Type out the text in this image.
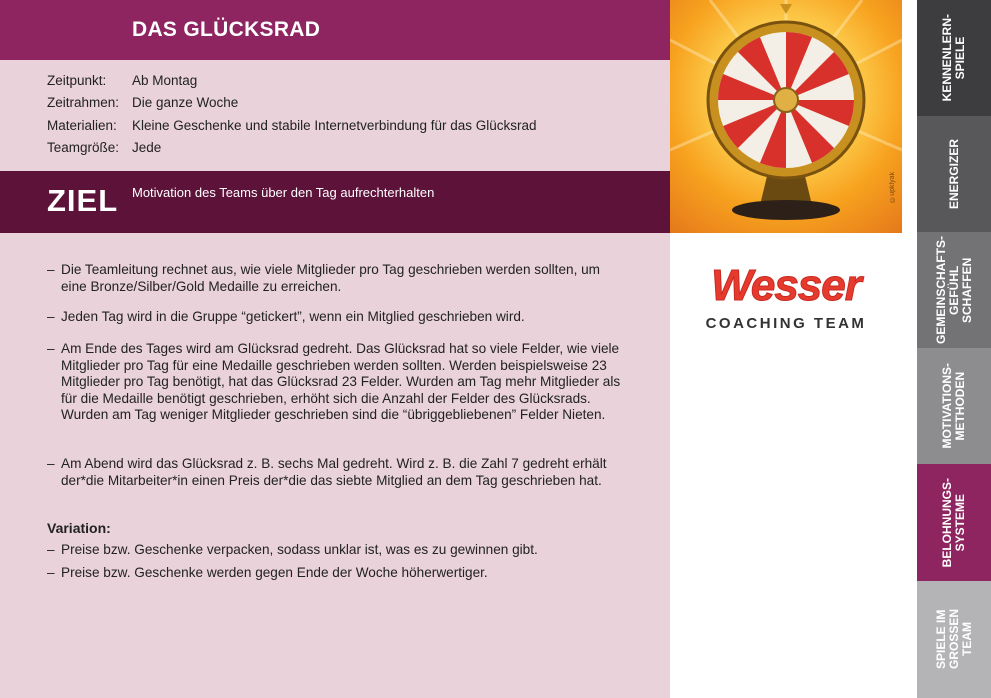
DAS GLÜCKSRAD
Zeitpunkt: Ab Montag
Zeitrahmen: Die ganze Woche
Materialien: Kleine Geschenke und stabile Internetverbindung für das Glücksrad
Teamgröße: Jede
ZIEL Motivation des Teams über den Tag aufrechterhalten
– Die Teamleitung rechnet aus, wie viele Mitglieder pro Tag geschrieben werden sollten, um eine Bronze/Silber/Gold Medaille zu erreichen.
– Jeden Tag wird in die Gruppe “getickert”, wenn ein Mitglied geschrieben wird.
– Am Ende des Tages wird am Glücksrad gedreht. Das Glücksrad hat so viele Felder, wie viele Mitglieder pro Tag für eine Medaille geschrieben werden sollten. Werden beispielsweise 23 Mitglieder pro Tag benötigt, hat das Glücksrad 23 Felder. Wurden am Tag mehr Mitglieder als für die Medaille benötigt geschrieben, erhöht sich die Anzahl der Felder des Glücksrads. Wurden am Tag weniger Mitglieder geschrieben sind die “übriggebliebenen” Felder Nieten.
– Am Abend wird das Glücksrad z. B. sechs Mal gedreht. Wird z. B. die Zahl 7 gedreht erhält der*die Mitarbeiter*in einen Preis der*die das siebte Mitglied an dem Tag geschrieben hat.
Variation:
– Preise bzw. Geschenke verpacken, sodass unklar ist, was es zu gewinnen gibt.
– Preise bzw. Geschenke werden gegen Ende der Woche höherwertiger.
©upklyak
Wesser
COACHING TEAM
KENNENLERN-
SPIELE
ENERGIZER
GEMEINSCHAFTS-
GEFÜHL
SCHAFFEN
MOTIVATIONS-
METHODEN
BELOHNUNGS-
SYSTEME
SPIELE IM
GROSSEN
TEAM
